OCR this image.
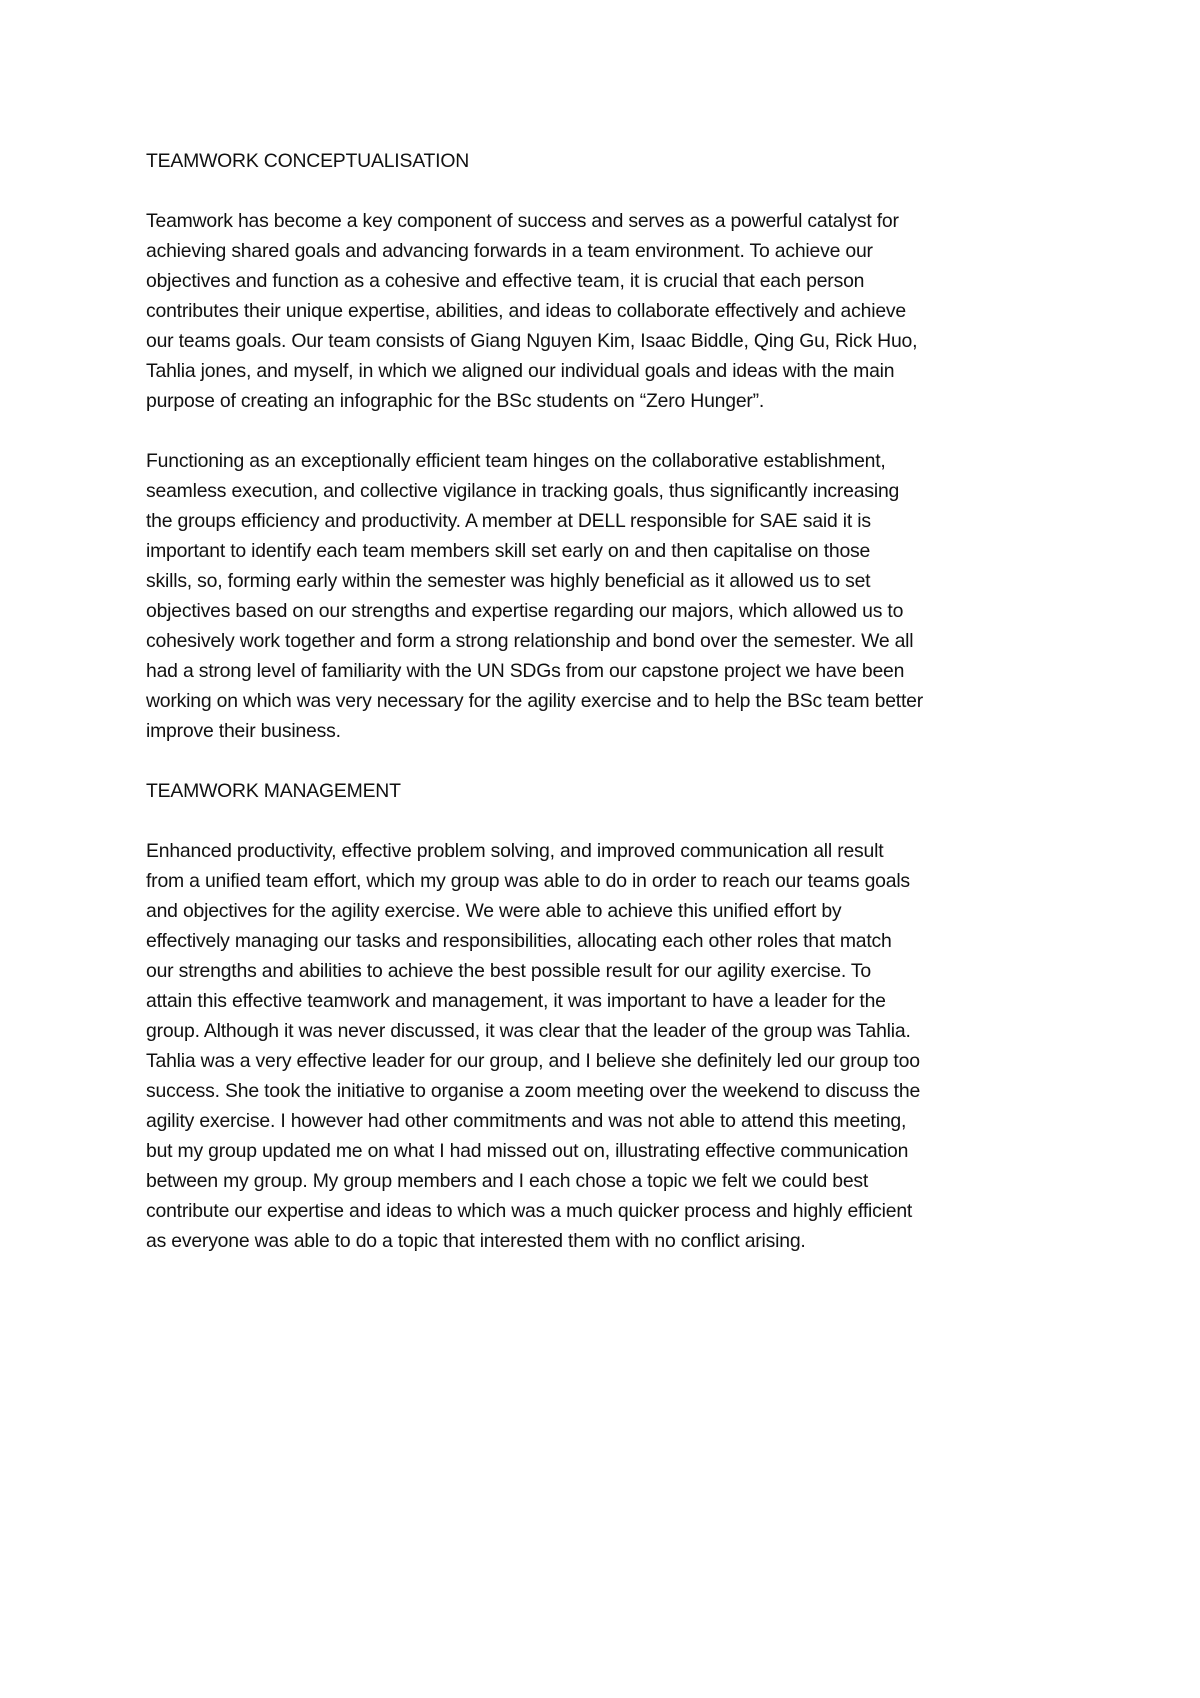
TEAMWORK CONCEPTUALISATION

Teamwork has become a key component of success and serves as a powerful catalyst for
achieving shared goals and advancing forwards in a team environment. To achieve our
objectives and function as a cohesive and effective team, it is crucial that each person
contributes their unique expertise, abilities, and ideas to collaborate effectively and achieve
our teams goals. Our team consists of Giang Nguyen Kim, Isaac Biddle, Qing Gu, Rick Huo,
Tahlia jones, and myself, in which we aligned our individual goals and ideas with the main
purpose of creating an infographic for the BSc students on “Zero Hunger”.

Functioning as an exceptionally efficient team hinges on the collaborative establishment,
seamless execution, and collective vigilance in tracking goals, thus significantly increasing
the groups efficiency and productivity. A member at DELL responsible for SAE said it is
important to identify each team members skill set early on and then capitalise on those
skills, so, forming early within the semester was highly beneficial as it allowed us to set
objectives based on our strengths and expertise regarding our majors, which allowed us to
cohesively work together and form a strong relationship and bond over the semester. We all
had a strong level of familiarity with the UN SDGs from our capstone project we have been
working on which was very necessary for the agility exercise and to help the BSc team better
improve their business.

TEAMWORK MANAGEMENT

Enhanced productivity, effective problem solving, and improved communication all result
from a unified team effort, which my group was able to do in order to reach our teams goals
and objectives for the agility exercise. We were able to achieve this unified effort by
effectively managing our tasks and responsibilities, allocating each other roles that match
our strengths and abilities to achieve the best possible result for our agility exercise. To
attain this effective teamwork and management, it was important to have a leader for the
group. Although it was never discussed, it was clear that the leader of the group was Tahlia.
Tahlia was a very effective leader for our group, and I believe she definitely led our group too
success. She took the initiative to organise a zoom meeting over the weekend to discuss the
agility exercise. I however had other commitments and was not able to attend this meeting,
but my group updated me on what I had missed out on, illustrating effective communication
between my group. My group members and I each chose a topic we felt we could best
contribute our expertise and ideas to which was a much quicker process and highly efficient
as everyone was able to do a topic that interested them with no conflict arising.
